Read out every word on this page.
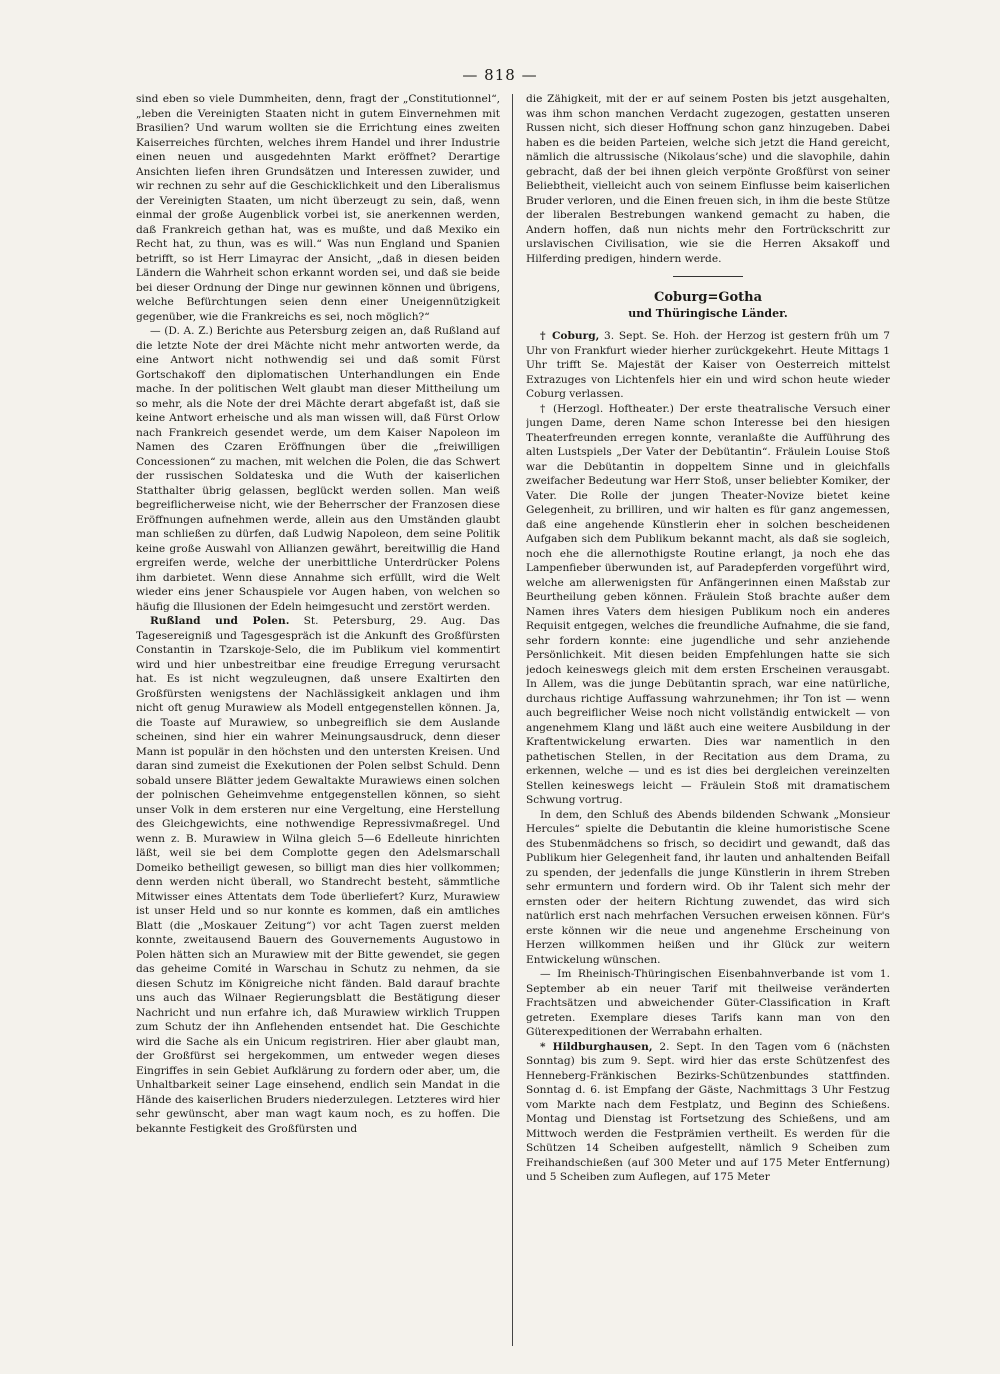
— 818 —

sind eben so viele Dummheiten, denn, fragt der „Constitutionnel“, „leben die Vereinigten Staaten nicht in gutem Einvernehmen mit Brasilien? Und warum wollten sie die Errichtung eines zweiten Kaiserreiches fürchten, welches ihrem Handel und ihrer Industrie einen neuen und ausgedehnten Markt eröffnet? Derartige Ansichten liefen ihren Grundsätzen und Interessen zuwider, und wir rechnen zu sehr auf die Geschicklichkeit und den Liberalismus der Vereinigten Staaten, um nicht überzeugt zu sein, daß, wenn einmal der große Augenblick vorbei ist, sie anerkennen werden, daß Frankreich gethan hat, was es mußte, und daß Mexiko ein Recht hat, zu thun, was es will.“ Was nun England und Spanien betrifft, so ist Herr Limayrac der Ansicht, „daß in diesen beiden Ländern die Wahrheit schon erkannt worden sei, und daß sie beide bei dieser Ordnung der Dinge nur gewinnen können und übrigens, welche Befürchtungen seien denn einer Uneigennützigkeit gegenüber, wie die Frankreichs es sei, noch möglich?“

— (D. A. Z.) Berichte aus Petersburg zeigen an, daß Rußland auf die letzte Note der drei Mächte nicht mehr antworten werde, da eine Antwort nicht nothwendig sei und daß somit Fürst Gortschakoff den diplomatischen Unterhandlungen ein Ende mache. In der politischen Welt glaubt man dieser Mittheilung um so mehr, als die Note der drei Mächte derart abgefaßt ist, daß sie keine Antwort erheische und als man wissen will, daß Fürst Orlow nach Frankreich gesendet werde, um dem Kaiser Napoleon im Namen des Czaren Eröffnungen über die „freiwilligen Concessionen“ zu machen, mit welchen die Polen, die das Schwert der russischen Soldateska und die Wuth der kaiserlichen Statthalter übrig gelassen, beglückt werden sollen. Man weiß begreiflicherweise nicht, wie der Beherrscher der Franzosen diese Eröffnungen aufnehmen werde, allein aus den Umständen glaubt man schließen zu dürfen, daß Ludwig Napoleon, dem seine Politik keine große Auswahl von Allianzen gewährt, bereitwillig die Hand ergreifen werde, welche der unerbittliche Unterdrücker Polens ihm darbietet. Wenn diese Annahme sich erfüllt, wird die Welt wieder eins jener Schauspiele vor Augen haben, von welchen so häufig die Illusionen der Edeln heimgesucht und zerstört werden.

Rußland und Polen. St. Petersburg, 29. Aug. Das Tagesereigniß und Tagesgespräch ist die Ankunft des Großfürsten Constantin in Tzarskoje-Selo, die im Publikum viel kommentirt wird und hier unbestreitbar eine freudige Erregung verursacht hat. Es ist nicht wegzuleugnen, daß unsere Exaltirten den Großfürsten wenigstens der Nachlässigkeit anklagen und ihm nicht oft genug Murawiew als Modell entgegenstellen können. Ja, die Toaste auf Murawiew, so unbegreiflich sie dem Auslande scheinen, sind hier ein wahrer Meinungsausdruck, denn dieser Mann ist populär in den höchsten und den untersten Kreisen. Und daran sind zumeist die Exekutionen der Polen selbst Schuld. Denn sobald unsere Blätter jedem Gewaltakte Murawiews einen solchen der polnischen Geheimvehme entgegenstellen können, so sieht unser Volk in dem ersteren nur eine Vergeltung, eine Herstellung des Gleichgewichts, eine nothwendige Repressivmaßregel. Und wenn z. B. Murawiew in Wilna gleich 5—6 Edelleute hinrichten läßt, weil sie bei dem Complotte gegen den Adelsmarschall Domeiko betheiligt gewesen, so billigt man dies hier vollkommen; denn werden nicht überall, wo Standrecht besteht, sämmtliche Mitwisser eines Attentats dem Tode überliefert? Kurz, Murawiew ist unser Held und so nur konnte es kommen, daß ein amtliches Blatt (die „Moskauer Zeitung“) vor acht Tagen zuerst melden konnte, zweitausend Bauern des Gouvernements Augustowo in Polen hätten sich an Murawiew mit der Bitte gewendet, sie gegen das geheime Comité in Warschau in Schutz zu nehmen, da sie diesen Schutz im Königreiche nicht fänden. Bald darauf brachte uns auch das Wilnaer Regierungsblatt die Bestätigung dieser Nachricht und nun erfahre ich, daß Murawiew wirklich Truppen zum Schutz der ihn Anflehenden entsendet hat. Die Geschichte wird die Sache als ein Unicum registriren. Hier aber glaubt man, der Großfürst sei hergekommen, um entweder wegen dieses Eingriffes in sein Gebiet Aufklärung zu fordern oder aber, um, die Unhaltbarkeit seiner Lage einsehend, endlich sein Mandat in die Hände des kaiserlichen Bruders niederzulegen. Letzteres wird hier sehr gewünscht, aber man wagt kaum noch, es zu hoffen. Die bekannte Festigkeit des Großfürsten und

die Zähigkeit, mit der er auf seinem Posten bis jetzt ausgehalten, was ihm schon manchen Verdacht zugezogen, gestatten unseren Russen nicht, sich dieser Hoffnung schon ganz hinzugeben. Dabei haben es die beiden Parteien, welche sich jetzt die Hand gereicht, nämlich die altrussische (Nikolaus’sche) und die slavophile, dahin gebracht, daß der bei ihnen gleich verpönte Großfürst von seiner Beliebtheit, vielleicht auch von seinem Einflusse beim kaiserlichen Bruder verloren, und die Einen freuen sich, in ihm die beste Stütze der liberalen Bestrebungen wankend gemacht zu haben, die Andern hoffen, daß nun nichts mehr den Fortrückschritt zur urslavischen Civilisation, wie sie die Herren Aksakoff und Hilferding predigen, hindern werde.

Coburg=Gotha
und Thüringische Länder.

† Coburg, 3. Sept. Se. Hoh. der Herzog ist gestern früh um 7 Uhr von Frankfurt wieder hierher zurückgekehrt. Heute Mittags 1 Uhr trifft Se. Majestät der Kaiser von Oesterreich mittelst Extrazuges von Lichtenfels hier ein und wird schon heute wieder Coburg verlassen.

† (Herzogl. Hoftheater.) Der erste theatralische Versuch einer jungen Dame, deren Name schon Interesse bei den hiesigen Theaterfreunden erregen konnte, veranlaßte die Aufführung des alten Lustspiels „Der Vater der Debütantin“. Fräulein Louise Stoß war die Debütantin in doppeltem Sinne und in gleichfalls zweifacher Bedeutung war Herr Stoß, unser beliebter Komiker, der Vater. Die Rolle der jungen Theater-Novize bietet keine Gelegenheit, zu brilliren, und wir halten es für ganz angemessen, daß eine angehende Künstlerin eher in solchen bescheidenen Aufgaben sich dem Publikum bekannt macht, als daß sie sogleich, noch ehe die allernothigste Routine erlangt, ja noch ehe das Lampenfieber überwunden ist, auf Paradepferden vorgeführt wird, welche am allerwenigsten für Anfängerinnen einen Maßstab zur Beurtheilung geben können. Fräulein Stoß brachte außer dem Namen ihres Vaters dem hiesigen Publikum noch ein anderes Requisit entgegen, welches die freundliche Aufnahme, die sie fand, sehr fordern konnte: eine jugendliche und sehr anziehende Persönlichkeit. Mit diesen beiden Empfehlungen hatte sie sich jedoch keineswegs gleich mit dem ersten Erscheinen verausgabt. In Allem, was die junge Debütantin sprach, war eine natürliche, durchaus richtige Auffassung wahrzunehmen; ihr Ton ist — wenn auch begreiflicher Weise noch nicht vollständig entwickelt — von angenehmem Klang und läßt auch eine weitere Ausbildung in der Kraftentwickelung erwarten. Dies war namentlich in den pathetischen Stellen, in der Recitation aus dem Drama, zu erkennen, welche — und es ist dies bei dergleichen vereinzelten Stellen keineswegs leicht — Fräulein Stoß mit dramatischem Schwung vortrug.

In dem, den Schluß des Abends bildenden Schwank „Monsieur Hercules“ spielte die Debutantin die kleine humoristische Scene des Stubenmädchens so frisch, so decidirt und gewandt, daß das Publikum hier Gelegenheit fand, ihr lauten und anhaltenden Beifall zu spenden, der jedenfalls die junge Künstlerin in ihrem Streben sehr ermuntern und fordern wird. Ob ihr Talent sich mehr der ernsten oder der heitern Richtung zuwendet, das wird sich natürlich erst nach mehrfachen Versuchen erweisen können. Für's erste können wir die neue und angenehme Erscheinung von Herzen willkommen heißen und ihr Glück zur weitern Entwickelung wünschen.

— Im Rheinisch-Thüringischen Eisenbahnverbande ist vom 1. September ab ein neuer Tarif mit theilweise veränderten Frachtsätzen und abweichender Güter-Classification in Kraft getreten. Exemplare dieses Tarifs kann man von den Güterexpeditionen der Werrabahn erhalten.

* Hildburghausen, 2. Sept. In den Tagen vom 6 (nächsten Sonntag) bis zum 9. Sept. wird hier das erste Schützenfest des Henneberg-Fränkischen Bezirks-Schützenbundes stattfinden. Sonntag d. 6. ist Empfang der Gäste, Nachmittags 3 Uhr Festzug vom Markte nach dem Festplatz, und Beginn des Schießens. Montag und Dienstag ist Fortsetzung des Schießens, und am Mittwoch werden die Festprämien vertheilt. Es werden für die Schützen 14 Scheiben aufgestellt, nämlich 9 Scheiben zum Freihandschießen (auf 300 Meter und auf 175 Meter Entfernung) und 5 Scheiben zum Auflegen, auf 175 Meter
